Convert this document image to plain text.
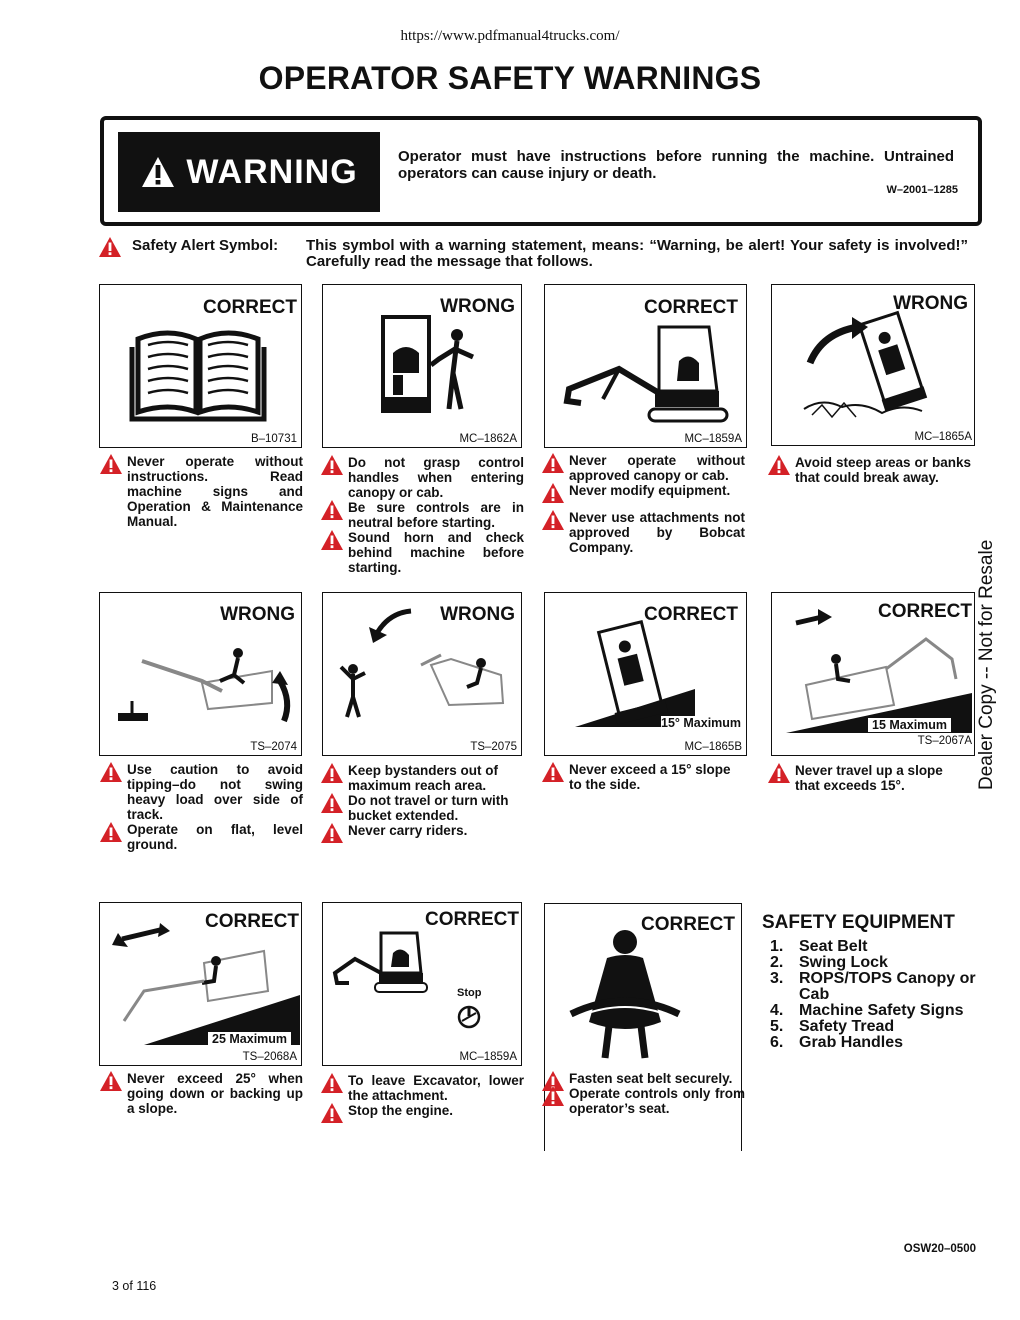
https://www.pdfmanual4trucks.com/
OPERATOR SAFETY WARNINGS
WARNING	Operator must have instructions before running the machine. Untrained operators can cause injury or death.
W–2001–1285
Safety Alert Symbol: This symbol with a warning statement, means: “Warning, be alert! Your safety is involved!” Carefully read the message that follows.
CORRECT
B–10731
WRONG
MC–1862A
CORRECT
MC–1859A
WRONG
MC–1865A
Never operate without instructions. Read machine signs and Operation & Maintenance Manual.
Do not grasp control handles when entering canopy or cab.
Be sure controls are in neutral before starting.
Sound horn and check behind machine before starting.
Never operate without approved canopy or cab.
Never modify equipment.
Never use attachments not approved by Bobcat Company.
Avoid steep areas or banks that could break away.
WRONG
TS–2074
WRONG
TS–2075
CORRECT
15° Maximum
MC–1865B
CORRECT
15 Maximum
TS–2067A
Use caution to avoid tipping–do not swing heavy load over side of track.
Operate on flat, level ground.
Keep bystanders out of maximum reach area.
Do not travel or turn with bucket extended.
Never carry riders.
Never exceed a 15° slope to the side.
Never travel up a slope that exceeds 15°.
CORRECT
25 Maximum
TS–2068A
CORRECT
Stop
MC–1859A
CORRECT
Never exceed 25° when going down or backing up a slope.
To leave Excavator, lower the attachment.
Stop the engine.
Fasten seat belt securely.
Operate controls only from operator’s seat.
SAFETY EQUIPMENT
1. Seat Belt
2. Swing Lock
3. ROPS/TOPS Canopy or Cab
4. Machine Safety Signs
5. Safety Tread
6. Grab Handles
Dealer Copy -- Not for Resale
OSW20–0500
3 of 116
